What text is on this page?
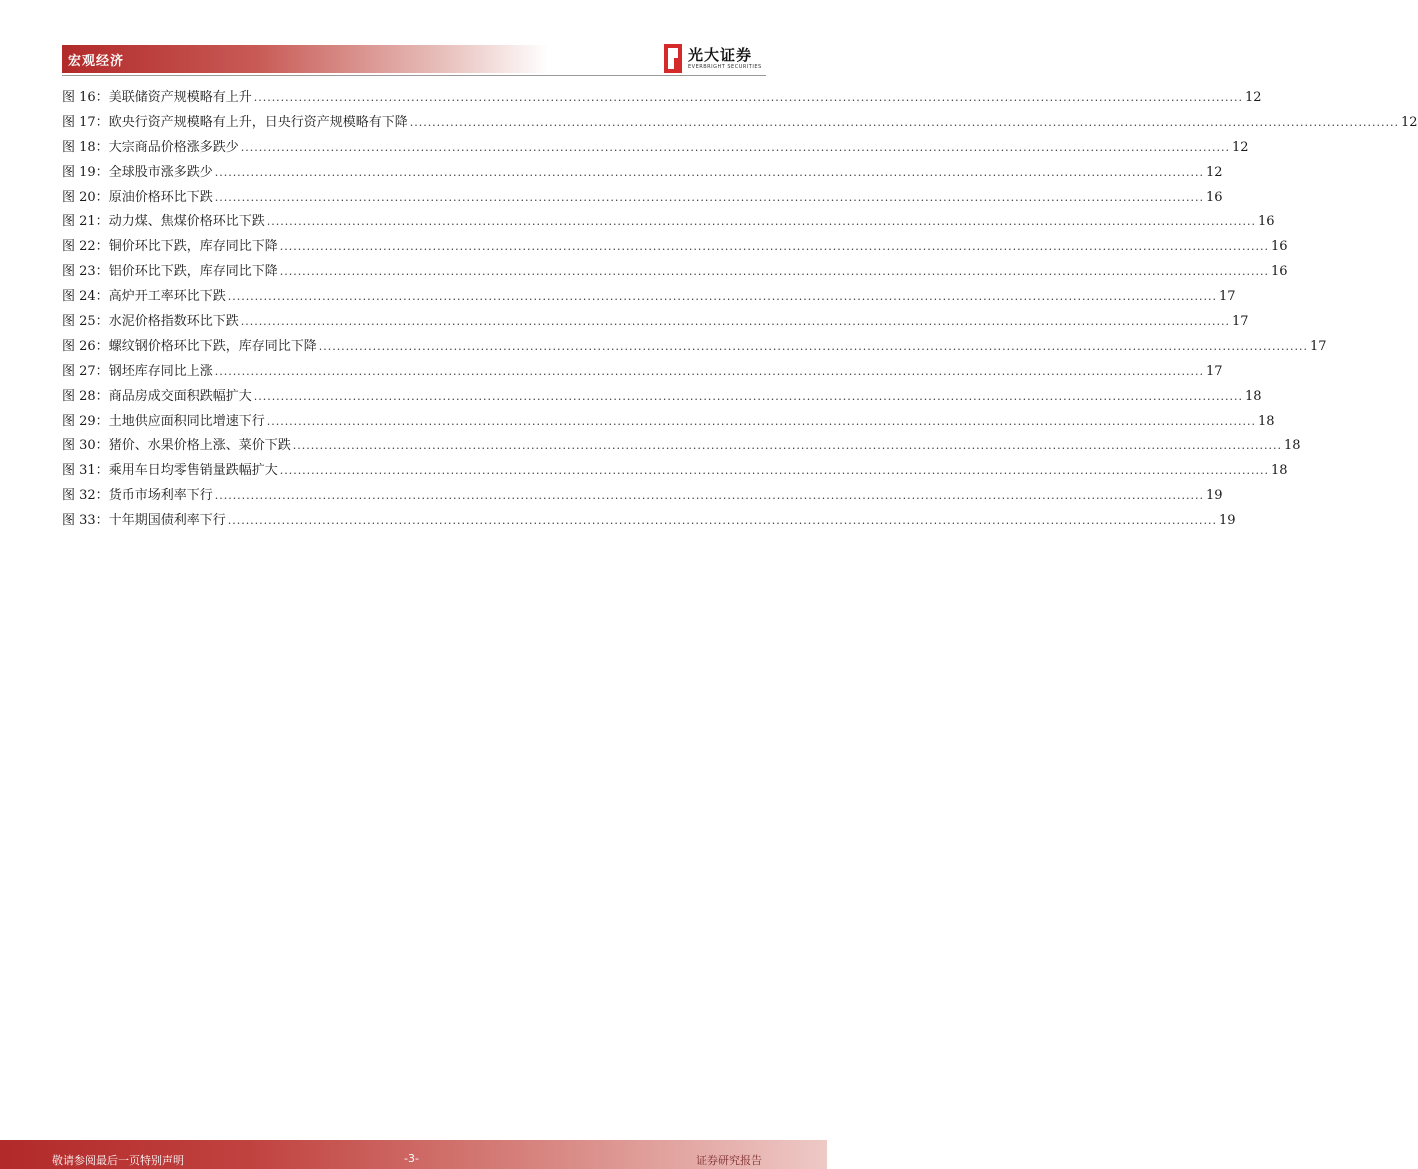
宏观经济	光大证券
EVERBRIGHT SECURITIES
图 16： 美联储资产规模略有上升 ............................................................................................................................................................................................................................ 12
图 17： 欧央行资产规模略有上升，日央行资产规模略有下降 ............................................................................................................................................................................................................................ 12
图 18： 大宗商品价格涨多跌少 ............................................................................................................................................................................................................................ 12
图 19： 全球股市涨多跌少 ............................................................................................................................................................................................................................ 12
图 20： 原油价格环比下跌 ............................................................................................................................................................................................................................ 16
图 21： 动力煤、焦煤价格环比下跌 ............................................................................................................................................................................................................................ 16
图 22： 铜价环比下跌，库存同比下降 ............................................................................................................................................................................................................................ 16
图 23： 铝价环比下跌，库存同比下降 ............................................................................................................................................................................................................................ 16
图 24： 高炉开工率环比下跌 ............................................................................................................................................................................................................................ 17
图 25： 水泥价格指数环比下跌 ............................................................................................................................................................................................................................ 17
图 26： 螺纹钢价格环比下跌，库存同比下降 ............................................................................................................................................................................................................................ 17
图 27： 钢坯库存同比上涨 ............................................................................................................................................................................................................................ 17
图 28： 商品房成交面积跌幅扩大 ............................................................................................................................................................................................................................ 18
图 29： 土地供应面积同比增速下行 ............................................................................................................................................................................................................................ 18
图 30： 猪价、水果价格上涨、菜价下跌 ............................................................................................................................................................................................................................ 18
图 31： 乘用车日均零售销量跌幅扩大 ............................................................................................................................................................................................................................ 18
图 32： 货币市场利率下行 ............................................................................................................................................................................................................................ 19
图 33： 十年期国债利率下行 ............................................................................................................................................................................................................................ 19
敬请参阅最后一页特别声明	-3-	证券研究报告
